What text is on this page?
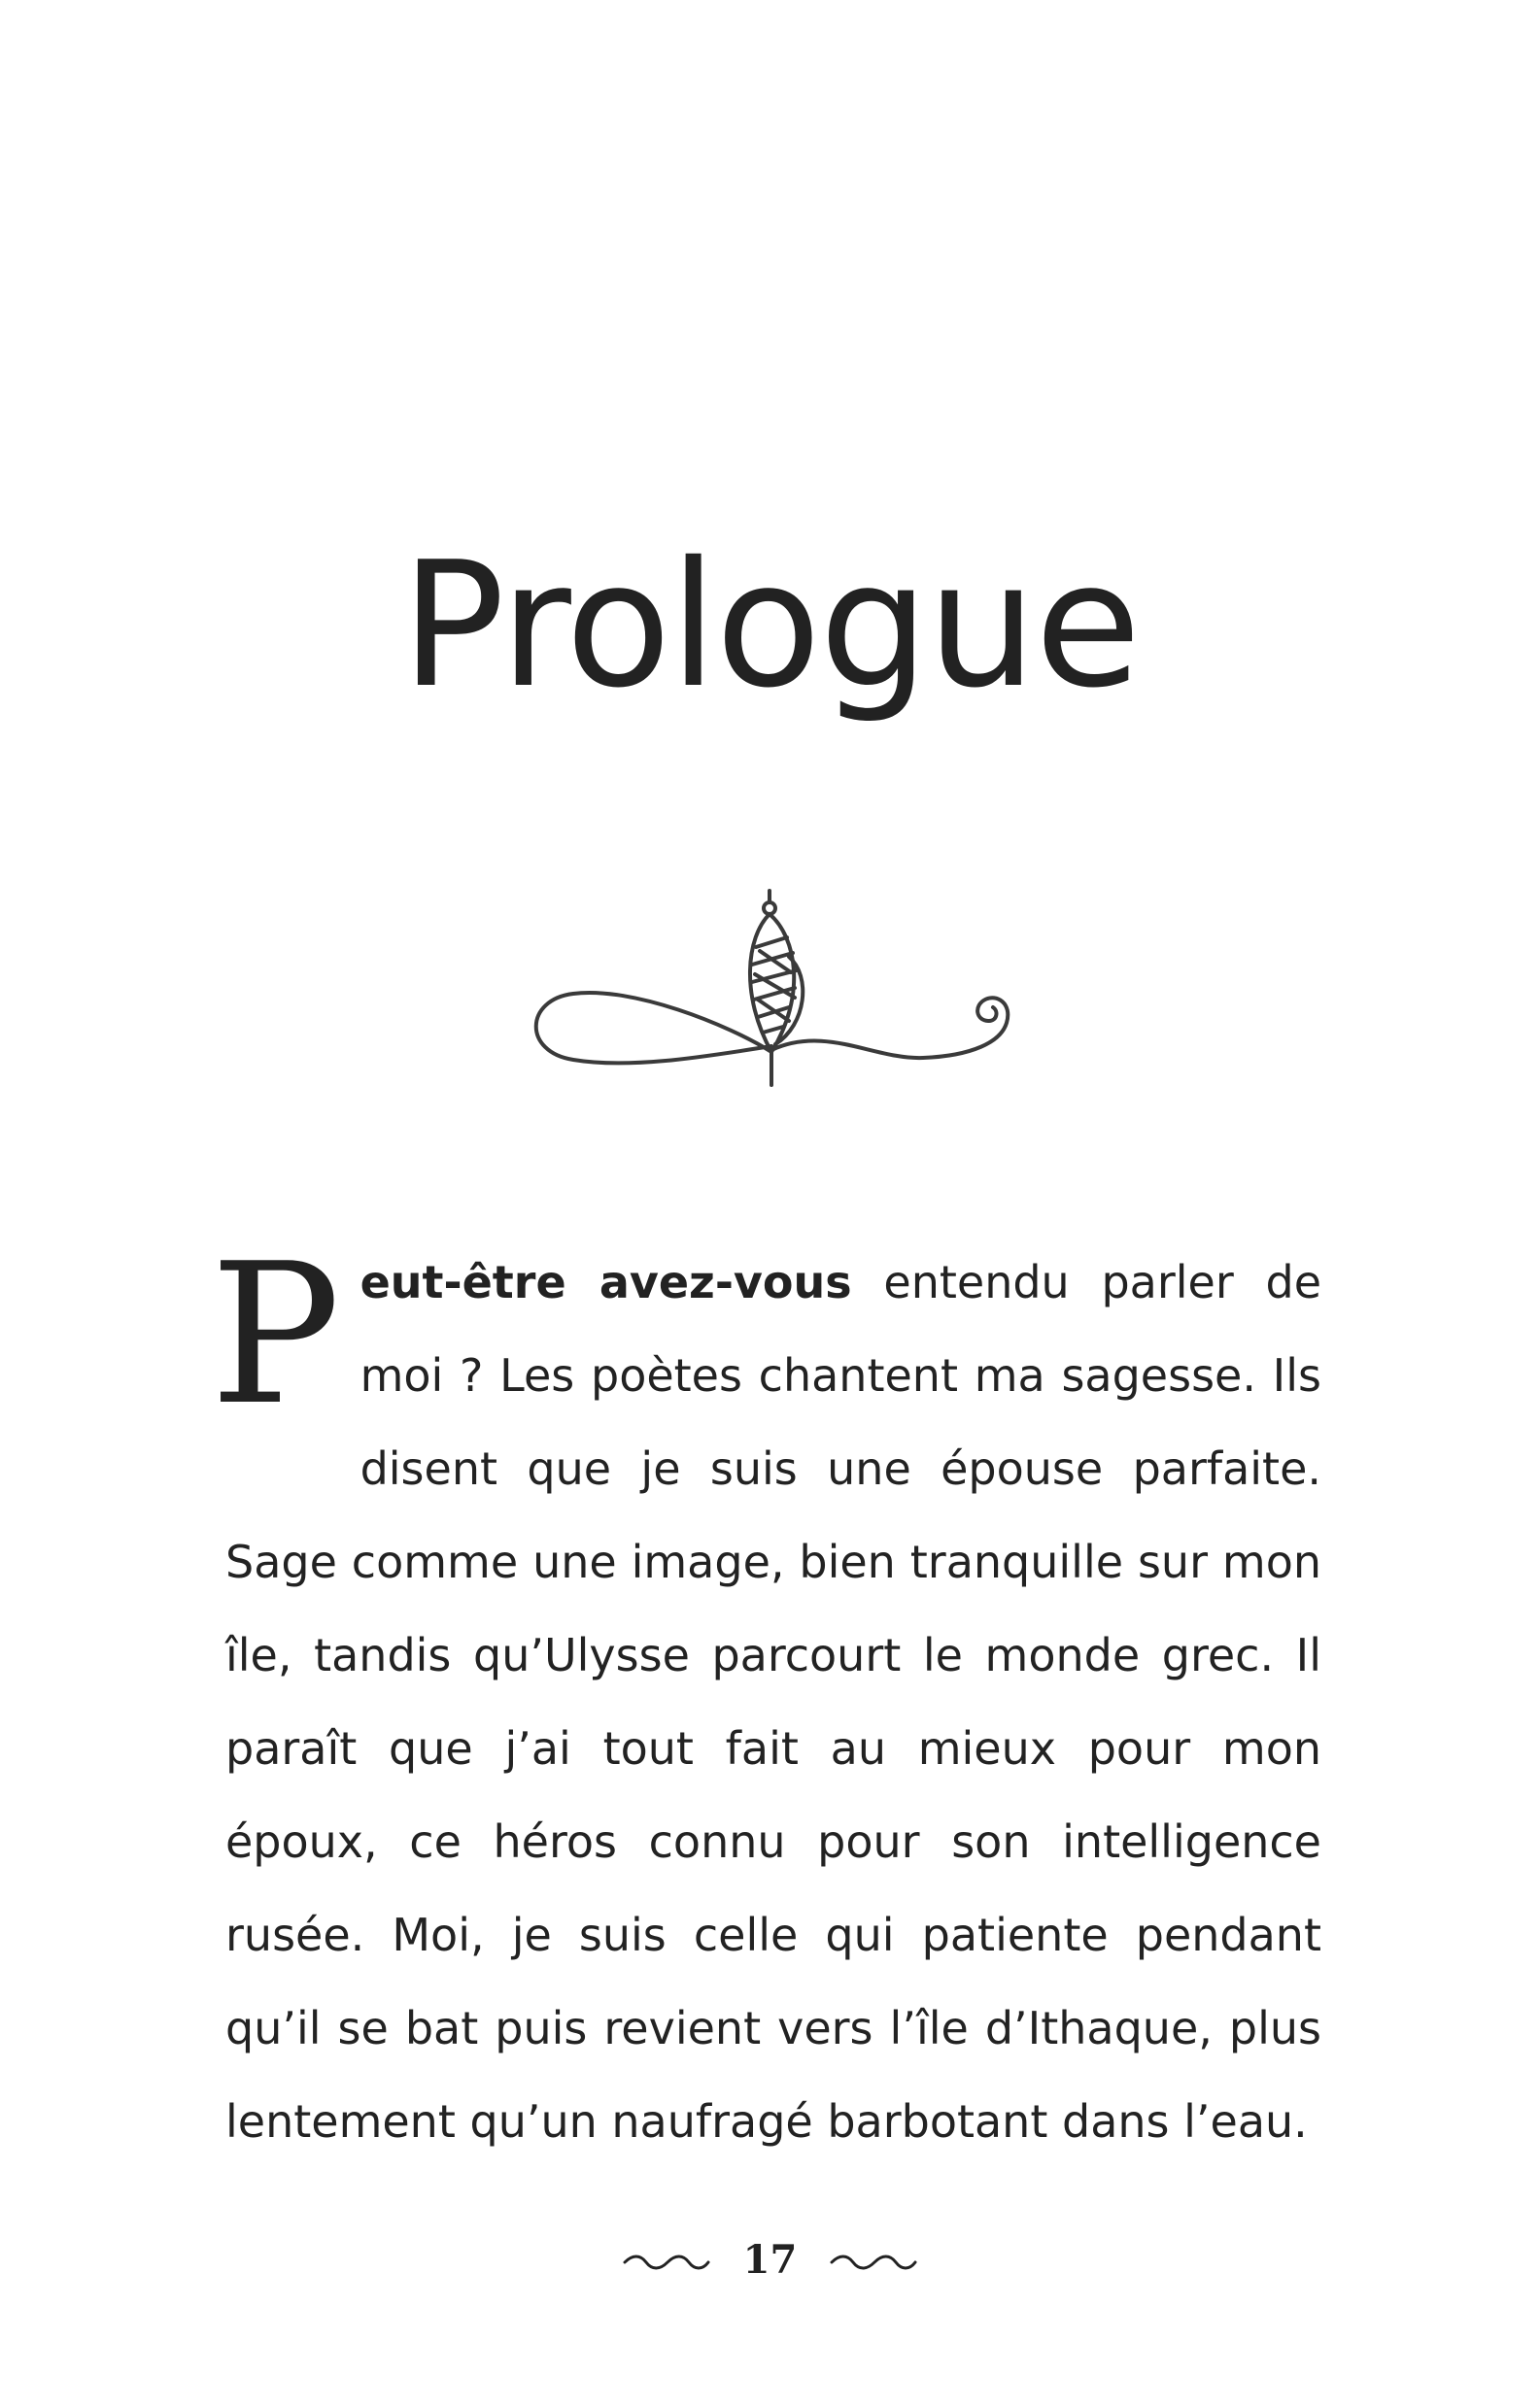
Prologue

Peut-être avez-vous entendu parler de moi ? Les poètes chantent ma sagesse. Ils disent que je suis une épouse parfaite. Sage comme une image, bien tranquille sur mon île, tandis qu’Ulysse parcourt le monde grec. Il paraît que j’ai tout fait au mieux pour mon époux, ce héros connu pour son intelligence rusée. Moi, je suis celle qui patiente pendant qu’il se bat puis revient vers l’île d’Ithaque, plus lentement qu’un naufragé barbotant dans l’eau.

17
